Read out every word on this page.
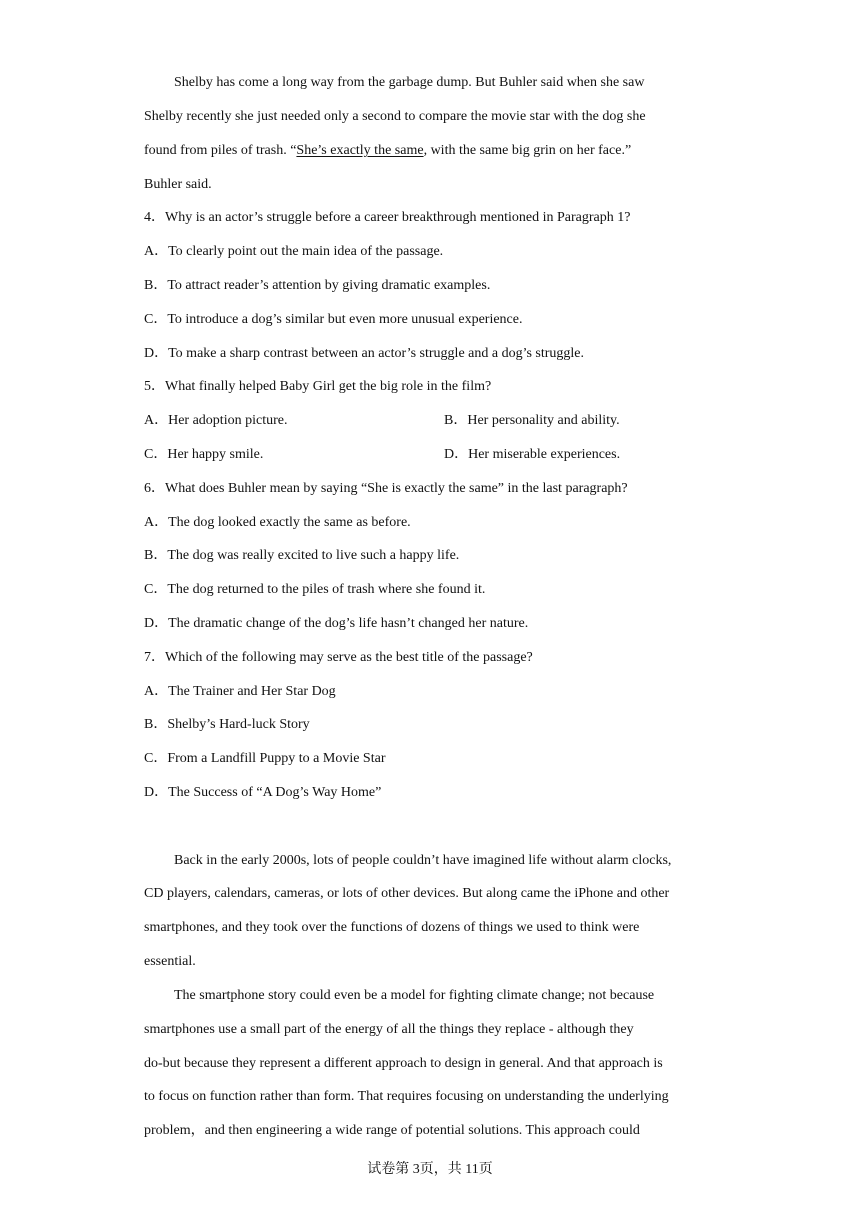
Shelby has come a long way from the garbage dump. But Buhler said when she saw
Shelby recently she just needed only a second to compare the movie star with the dog she
found from piles of trash. “She’s exactly the same, with the same big grin on her face.”
Buhler said.
4．Why is an actor’s struggle before a career breakthrough mentioned in Paragraph 1?
A．To clearly point out the main idea of the passage.
B．To attract reader’s attention by giving dramatic examples.
C．To introduce a dog’s similar but even more unusual experience.
D．To make a sharp contrast between an actor’s struggle and a dog’s struggle.
5．What finally helped Baby Girl get the big role in the film?
A．Her adoption picture.	B．Her personality and ability.
C．Her happy smile.	D．Her miserable experiences.
6．What does Buhler mean by saying “She is exactly the same” in the last paragraph?
A．The dog looked exactly the same as before.
B．The dog was really excited to live such a happy life.
C．The dog returned to the piles of trash where she found it.
D．The dramatic change of the dog’s life hasn’t changed her nature.
7．Which of the following may serve as the best title of the passage?
A．The Trainer and Her Star Dog
B．Shelby’s Hard-luck Story
C．From a Landfill Puppy to a Movie Star
D．The Success of “A Dog’s Way Home”
Back in the early 2000s, lots of people couldn’t have imagined life without alarm clocks,
CD players, calendars, cameras, or lots of other devices. But along came the iPhone and other
smartphones, and they took over the functions of dozens of things we used to think were
essential.
The smartphone story could even be a model for fighting climate change; not because
smartphones use a small part of the energy of all the things they replace - although they
do-but because they represent a different approach to design in general. And that approach is
to focus on function rather than form. That requires focusing on understanding the underlying
problem，and then engineering a wide range of potential solutions. This approach could
试卷第 3页，共 11页
